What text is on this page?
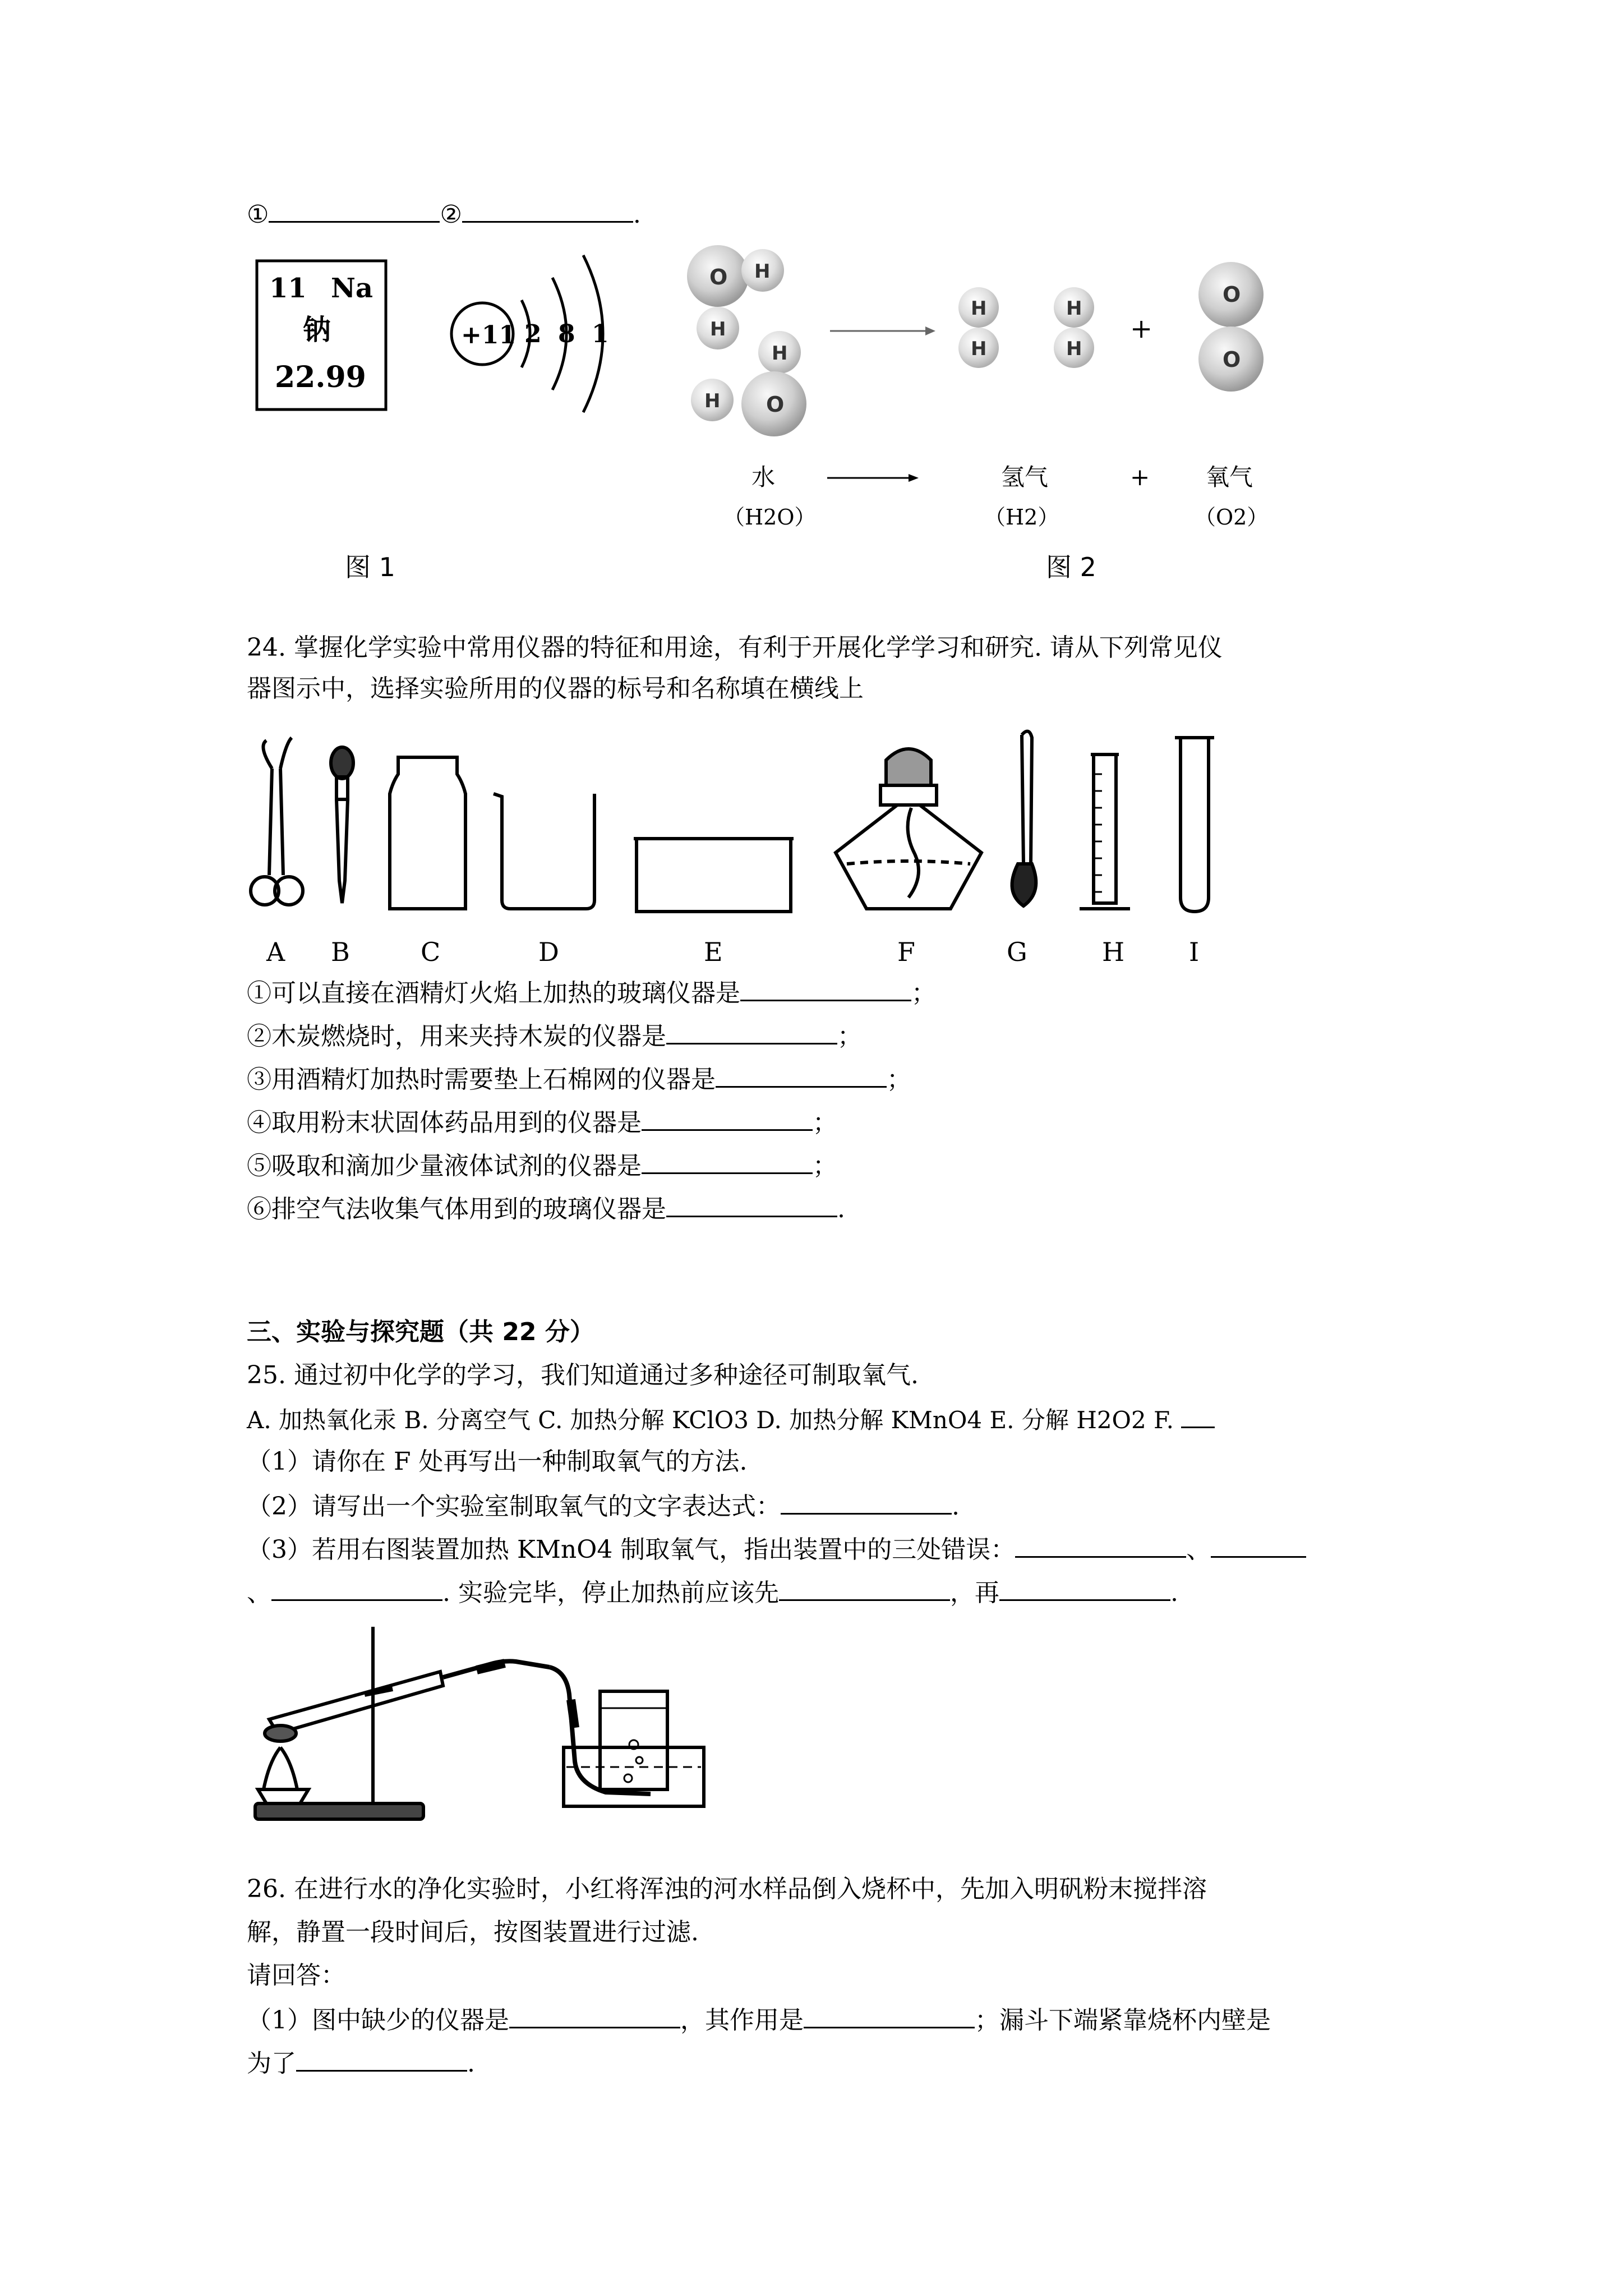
①	②	.
11 Na
钠
22.99
+11 2 8 1
图 1
O H
H
H
H O
H
H
H
H
+
O
O
水	氢气	+ 氧气
（H2O）	（H2）	（O2）
图 2
24. 掌握化学实验中常用仪器的特征和用途，有利于开展化学学习和研究. 请从下列常见仪
器图示中，选择实验所用的仪器的标号和名称填在横线上
A B	C	D	E	F	G	H I
①可以直接在酒精灯火焰上加热的玻璃仪器是	；
②木炭燃烧时，用来夹持木炭的仪器是	；
③用酒精灯加热时需要垫上石棉网的仪器是	；
④取用粉末状固体药品用到的仪器是	；
⑤吸取和滴加少量液体试剂的仪器是	；
⑥排空气法收集气体用到的玻璃仪器是	.
三、实验与探究题（共 22 分）
25. 通过初中化学的学习，我们知道通过多种途径可制取氧气.
A. 加热氧化汞 B. 分离空气 C. 加热分解 KClO3 D. 加热分解 KMnO4 E. 分解 H2O2 F.
（1）请你在 F 处再写出一种制取氧气的方法.
（2）请写出一个实验室制取氧气的文字表达式：	.
（3）若用右图装置加热 KMnO4 制取氧气，指出装置中的三处错误：	、
、	. 实验完毕，停止加热前应该先	，再	.
26. 在进行水的净化实验时，小红将浑浊的河水样品倒入烧杯中，先加入明矾粉末搅拌溶
解，静置一段时间后，按图装置进行过滤.
请回答：
（1）图中缺少的仪器是	，其作用是	；漏斗下端紧靠烧杯内壁是
为了	.
